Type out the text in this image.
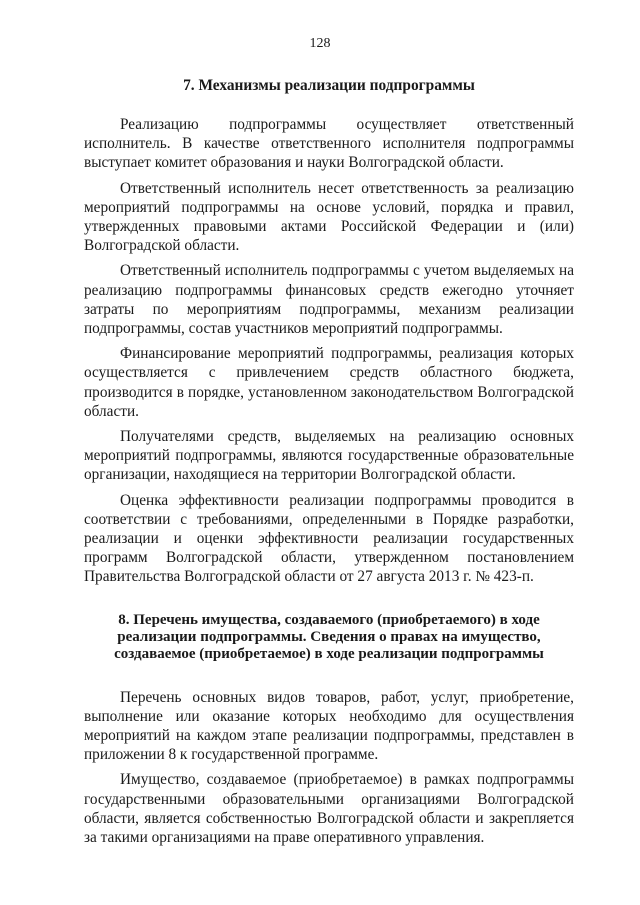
128
7. Механизмы реализации подпрограммы

Реализацию подпрограммы осуществляет ответственный исполнитель. В качестве ответственного исполнителя подпрограммы выступает комитет образования и науки Волгоградской области.

Ответственный исполнитель несет ответственность за реализацию мероприятий подпрограммы на основе условий, порядка и правил, утвержденных правовыми актами Российской Федерации и (или) Волгоградской области.

Ответственный исполнитель подпрограммы с учетом выделяемых на реализацию подпрограммы финансовых средств ежегодно уточняет затраты по мероприятиям подпрограммы, механизм реализации подпрограммы, состав участников мероприятий подпрограммы.

Финансирование мероприятий подпрограммы, реализация которых осуществляется с привлечением средств областного бюджета, производится в порядке, установленном законодательством Волгоградской области.

Получателями средств, выделяемых на реализацию основных мероприятий подпрограммы, являются государственные образовательные организации, находящиеся на территории Волгоградской области.

Оценка эффективности реализации подпрограммы проводится в соответствии с требованиями, определенными в Порядке разработки, реализации и оценки эффективности реализации государственных программ Волгоградской области, утвержденном постановлением Правительства Волгоградской области от 27 августа 2013 г. № 423-п.

8. Перечень имущества, создаваемого (приобретаемого) в ходе реализации подпрограммы. Сведения о правах на имущество, создаваемое (приобретаемое) в ходе реализации подпрограммы

Перечень основных видов товаров, работ, услуг, приобретение, выполнение или оказание которых необходимо для осуществления мероприятий на каждом этапе реализации подпрограммы, представлен в приложении 8 к государственной программе.

Имущество, создаваемое (приобретаемое) в рамках подпрограммы государственными образовательными организациями Волгоградской области, является собственностью Волгоградской области и закрепляется за такими организациями на праве оперативного управления.
